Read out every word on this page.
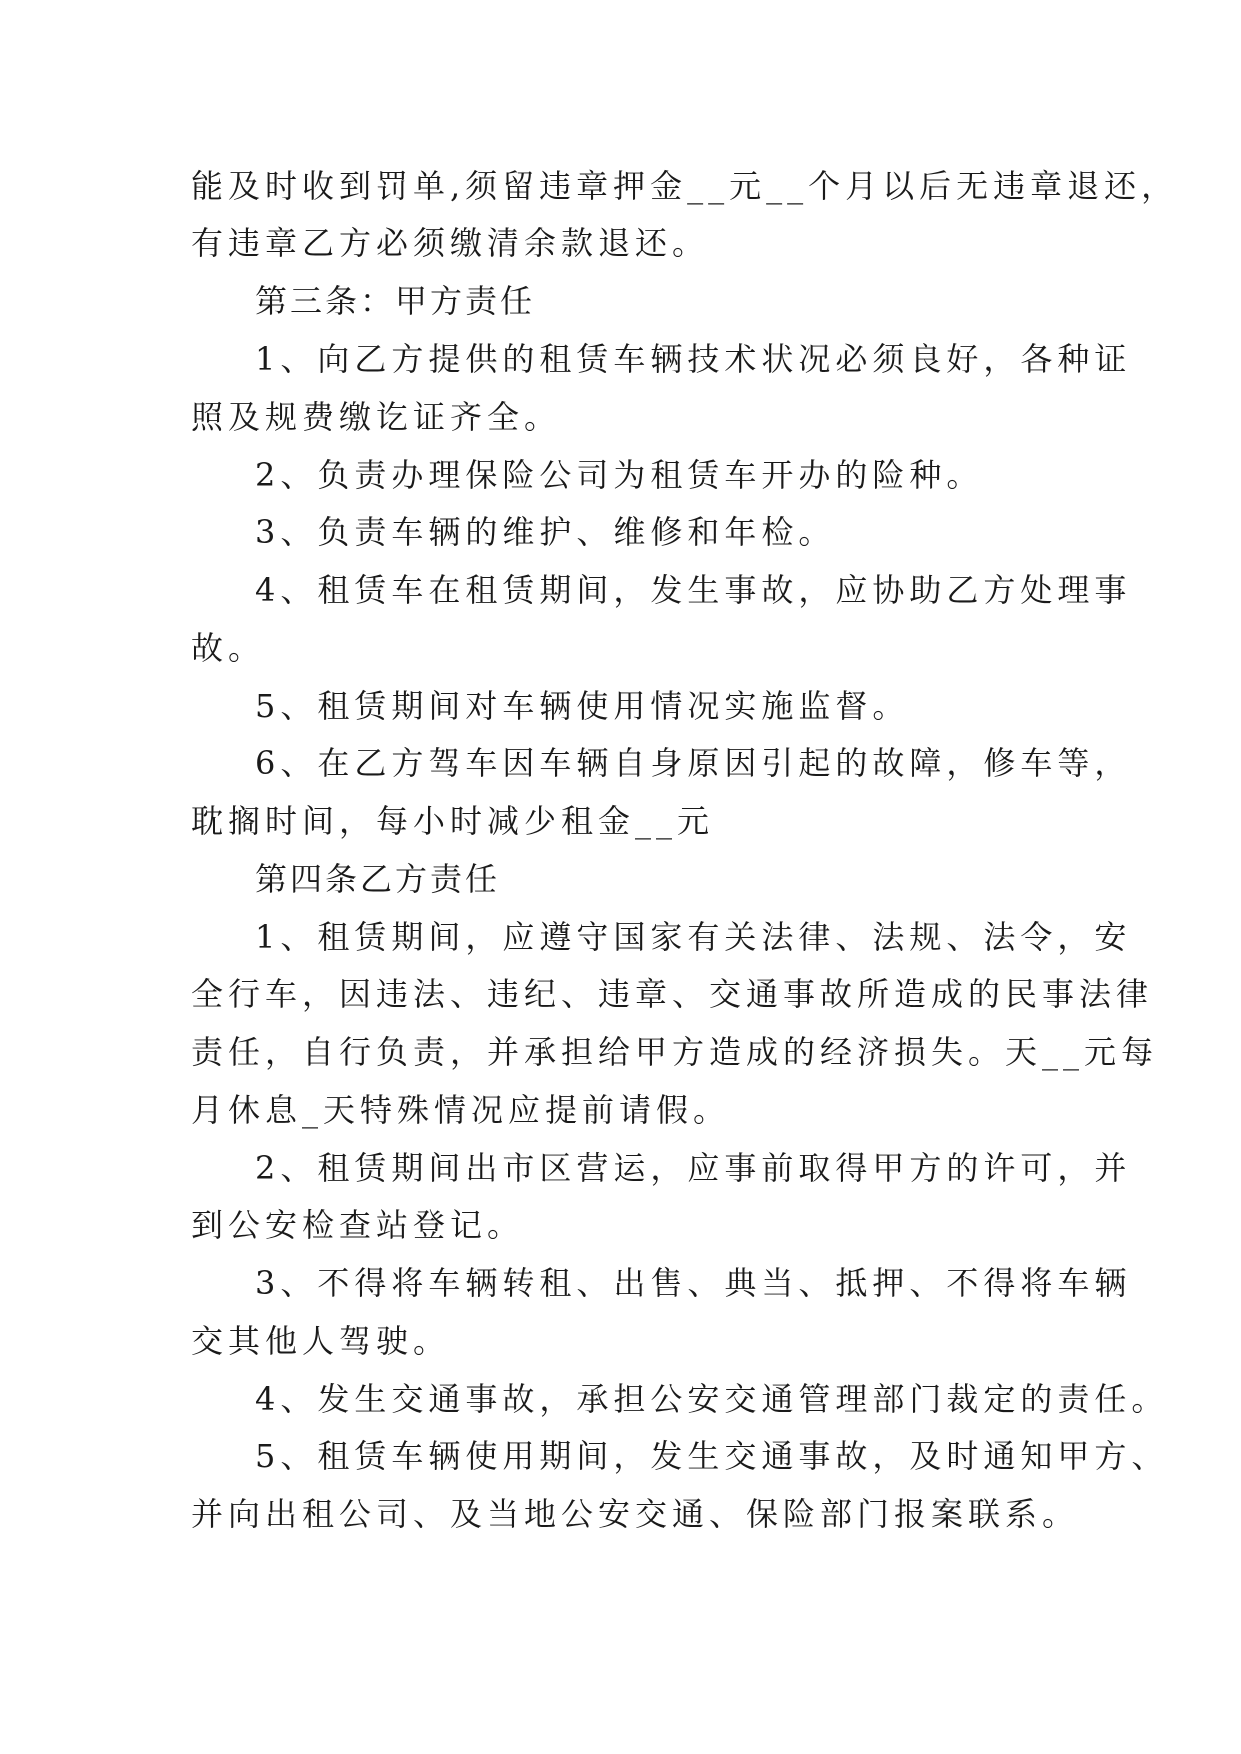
能及时收到罚单,须留违章押金__元__个月以后无违章退还，

有违章乙方必须缴清余款退还。

第三条：甲方责任

1、向乙方提供的租赁车辆技术状况必须良好，各种证

照及规费缴讫证齐全。

2、负责办理保险公司为租赁车开办的险种。

3、负责车辆的维护、维修和年检。

4、租赁车在租赁期间，发生事故，应协助乙方处理事

故。

5、租赁期间对车辆使用情况实施监督。

6、在乙方驾车因车辆自身原因引起的故障，修车等，

耽搁时间，每小时减少租金__元

第四条乙方责任

1、租赁期间，应遵守国家有关法律、法规、法令，安

全行车，因违法、违纪、违章、交通事故所造成的民事法律

责任，自行负责，并承担给甲方造成的经济损失。天__元每

月休息_天特殊情况应提前请假。

2、租赁期间出市区营运，应事前取得甲方的许可，并

到公安检查站登记。

3、不得将车辆转租、出售、典当、抵押、不得将车辆

交其他人驾驶。

4、发生交通事故，承担公安交通管理部门裁定的责任。

5、租赁车辆使用期间，发生交通事故，及时通知甲方、

并向出租公司、及当地公安交通、保险部门报案联系。
